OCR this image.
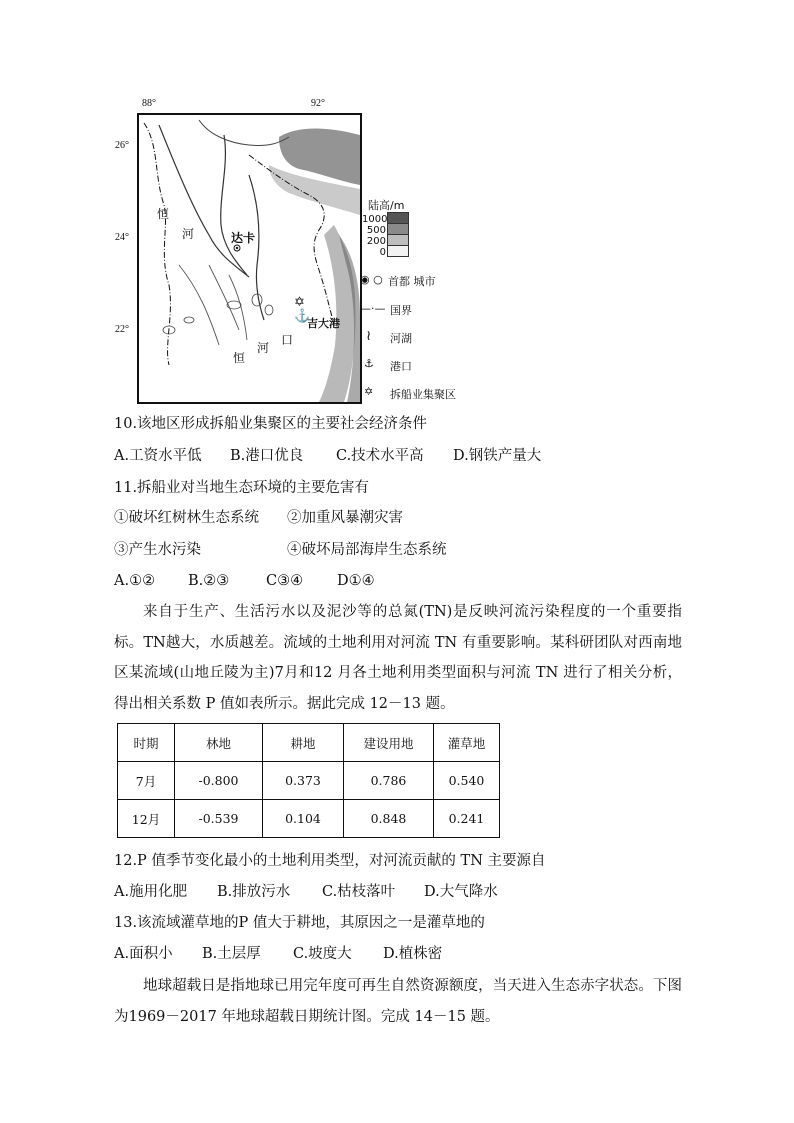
88°	92°
26°
24°
22°
恒
河	达卡
✡
⚓
吉大港
恒
河
口
陆高/m
1000
500
200
0
◉ ○ 首都 城市
—·— 国界
≀ 河湖
⚓ 港口
✡ 拆船业集聚区
10.该地区形成拆船业集聚区的主要社会经济条件
A.工资水平低 B.港口优良 C.技术水平高 D.钢铁产量大
11.拆船业对当地生态环境的主要危害有
①破坏红树林生态系统 ②加重风暴潮灾害
③产生水污染	④破坏局部海岸生态系统
A.①② B.②③	C③④ D①④
来自于生产、生活污水以及泥沙等的总氮(TN)是反映河流污染程度的一个重要指标。TN越大，水质越差。流域的土地利用对河流 TN 有重要影响。某科研团队对西南地区某流域(山地丘陵为主)7月和12 月各土地利用类型面积与河流 TN 进行了相关分析，得出相关系数 P 值如表所示。据此完成 12－13 题。
时期	林地	耕地	建设用地	灌草地
7月	-0.800	0.373	0.786	0.540
12月	-0.539	0.104	0.848	0.241
12.P 值季节变化最小的土地利用类型，对河流贡献的 TN 主要源自
A.施用化肥 B.排放污水 C.枯枝落叶 D.大气降水
13.该流域灌草地的P 值大于耕地，其原因之一是灌草地的
A.面积小 B.土层厚 C.坡度大 D.植株密
地球超载日是指地球已用完年度可再生自然资源额度，当天进入生态赤字状态。下图为1969－2017 年地球超载日期统计图。完成 14－15 题。
